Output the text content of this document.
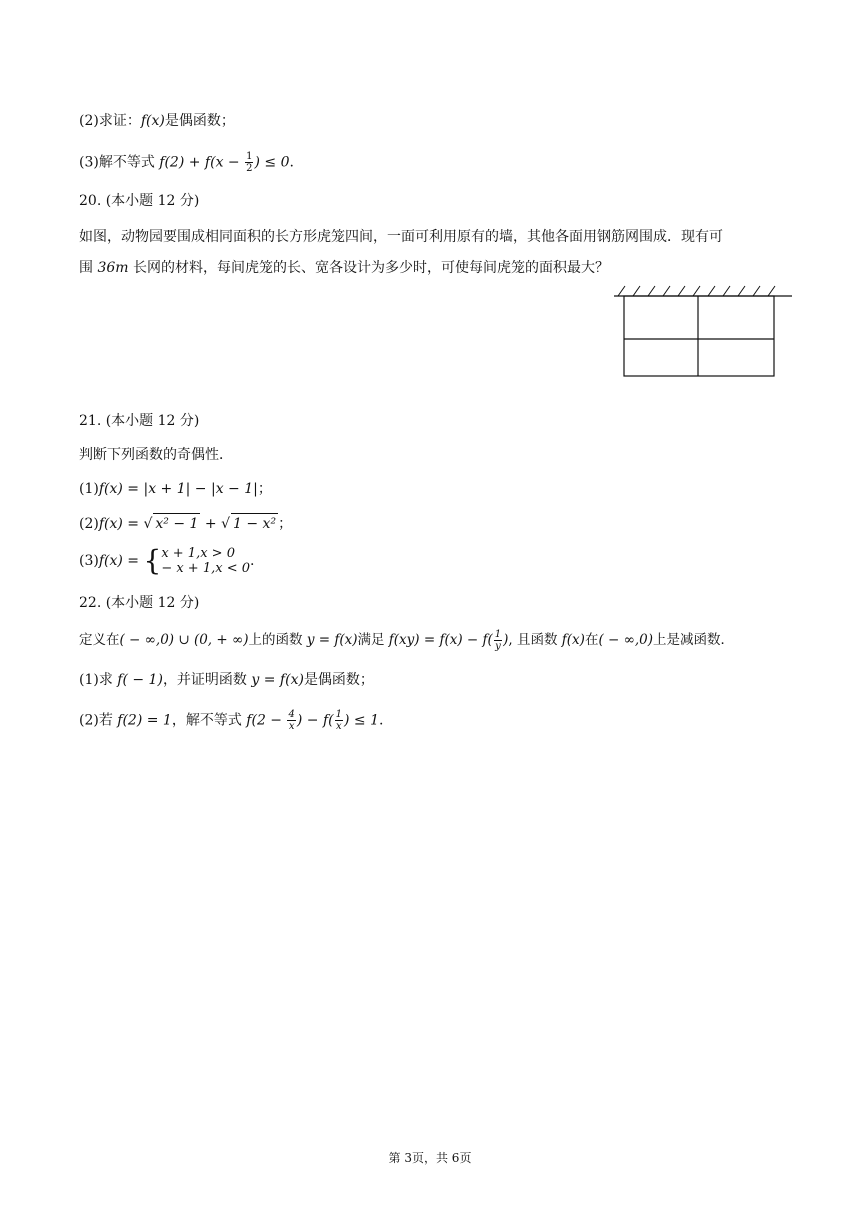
(2)求证：f(x)是偶函数；
(3)解不等式 $f(2) + f(x - \frac{1}{2}$ ) ≤ 0.
20. (本小题 12 分)
如图，动物园要围成相同面积的长方形虎笼四间，一面可利用原有的墙，其他各面用钢筋网围成．现有可
围 36m 长网的材料，每间虎笼的长、宽各设计为多少时，可使每间虎笼的面积最大？
21. (本小题 12 分)
判断下列函数的奇偶性．
(1)f(x) = |x + 1| − |x − 1|；
(2)f(x) = √ x² − 1 + √ 1 − x² ；
(3)f(x) = { x + 1,x > 0
− x + 1,x < 0 .
22. (本小题 12 分)
定义在( − ∞,0) ∪ (0, + ∞)上的函数 y = f(x)满足 $f(xy) = f(x) - f( \frac{1}{y}$ ), 且函数 f(x)在( − ∞,0)上是减函数．
(1)求 f( − 1)，并证明函数 y = f(x)是偶函数；
(2)若 f(2) = 1，解不等式 $f(2 - \frac{4}{x}$ ) − $f( \frac{1}{x}$ ) ≤ 1.
第 3页，共 6页
